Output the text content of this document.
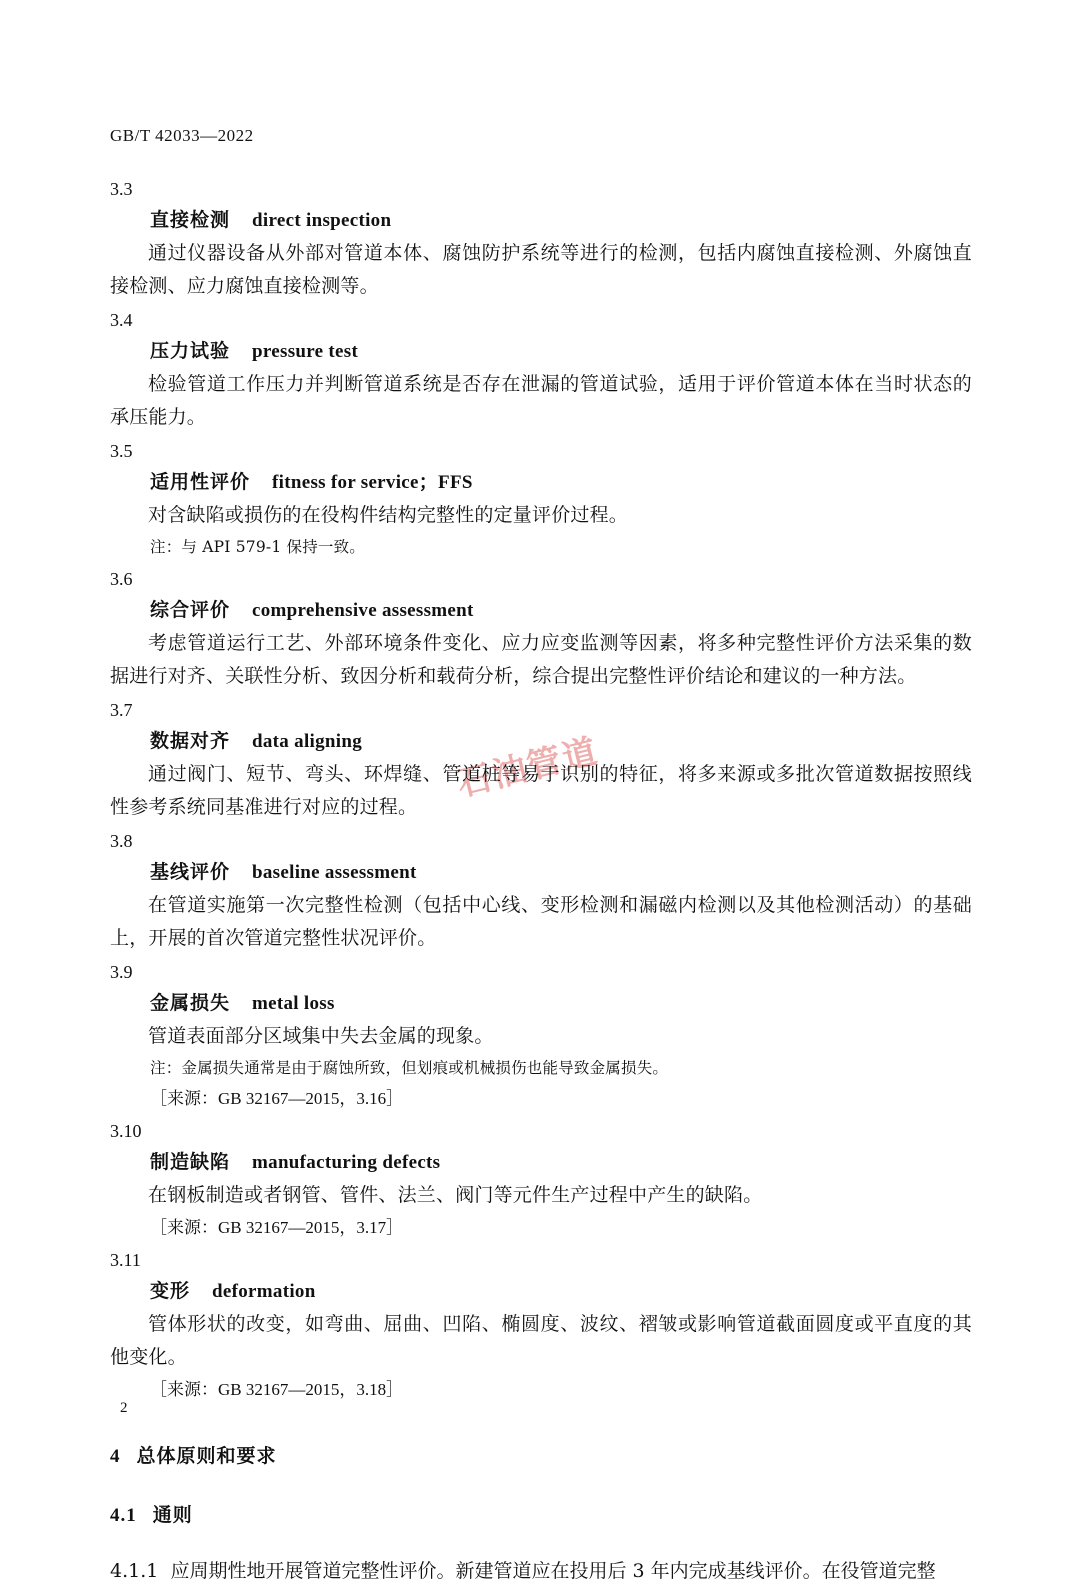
GB/T 42033—2022
石油管道
3.3
直接检测 direct inspection
通过仪器设备从外部对管道本体、腐蚀防护系统等进行的检测，包括内腐蚀直接检测、外腐蚀直接检测、应力腐蚀直接检测等。
3.4
压力试验 pressure test
检验管道工作压力并判断管道系统是否存在泄漏的管道试验，适用于评价管道本体在当时状态的承压能力。
3.5
适用性评价 fitness for service；FFS
对含缺陷或损伤的在役构件结构完整性的定量评价过程。
注：与 API 579-1 保持一致。
3.6
综合评价 comprehensive assessment
考虑管道运行工艺、外部环境条件变化、应力应变监测等因素，将多种完整性评价方法采集的数据进行对齐、关联性分析、致因分析和载荷分析，综合提出完整性评价结论和建议的一种方法。
3.7
数据对齐 data aligning
通过阀门、短节、弯头、环焊缝、管道桩等易于识别的特征，将多来源或多批次管道数据按照线性参考系统同基准进行对应的过程。
3.8
基线评价 baseline assessment
在管道实施第一次完整性检测（包括中心线、变形检测和漏磁内检测以及其他检测活动）的基础上，开展的首次管道完整性状况评价。
3.9
金属损失 metal loss
管道表面部分区域集中失去金属的现象。
注：金属损失通常是由于腐蚀所致，但划痕或机械损伤也能导致金属损失。
［来源：GB 32167—2015，3.16］
3.10
制造缺陷 manufacturing defects
在钢板制造或者钢管、管件、法兰、阀门等元件生产过程中产生的缺陷。
［来源：GB 32167—2015，3.17］
3.11
变形 deformation
管体形状的改变，如弯曲、屈曲、凹陷、椭圆度、波纹、褶皱或影响管道截面圆度或平直度的其他变化。
［来源：GB 32167—2015，3.18］
4 总体原则和要求
4.1 通则
4.1.1 应周期性地开展管道完整性评价。新建管道应在投用后 3 年内完成基线评价。在役管道完整
2
